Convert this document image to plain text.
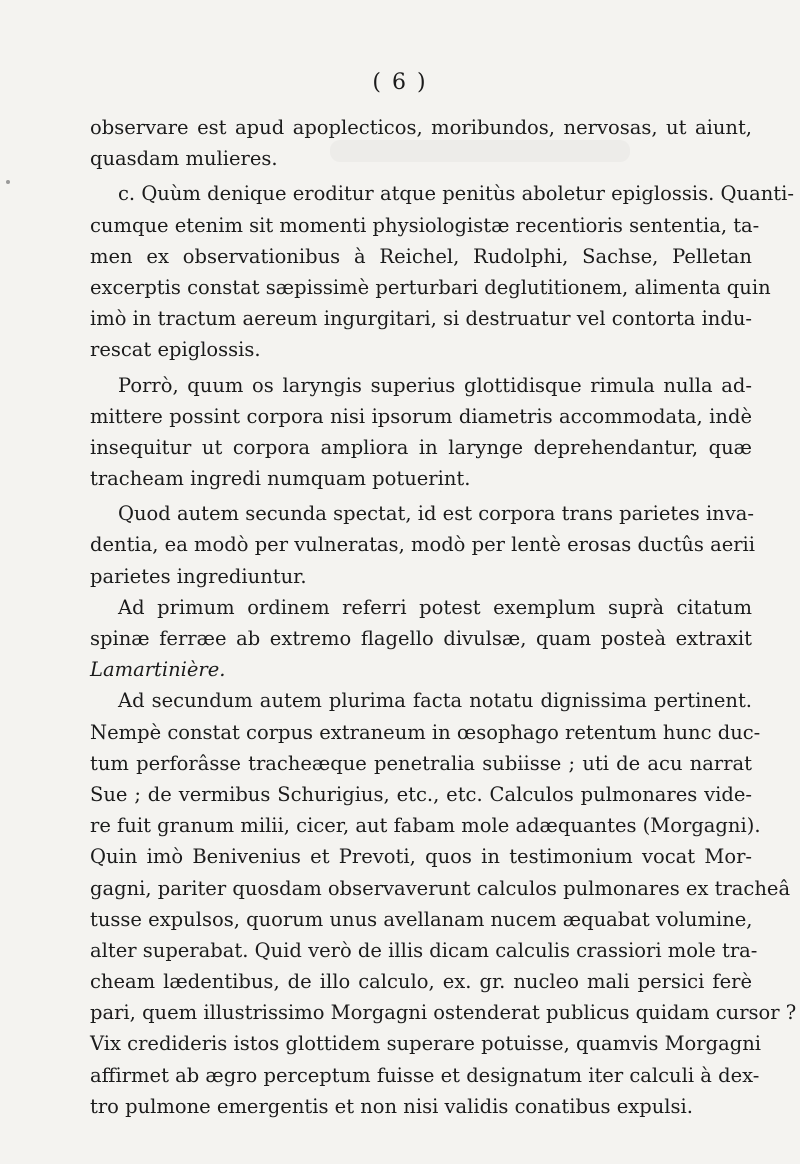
( 6 )
observare est apud apoplecticos, moribundos, nervosas, ut aiunt,
quasdam mulieres.
c. Quùm denique eroditur atque penitùs aboletur epiglossis. Quanti-
cumque etenim sit momenti physiologistæ recentioris sententia, ta-
men ex observationibus à Reichel, Rudolphi, Sachse, Pelletan
excerptis constat sæpissimè perturbari deglutitionem, alimenta quin
imò in tractum aereum ingurgitari, si destruatur vel contorta indu-
rescat epiglossis.
Porrò, quum os laryngis superius glottidisque rimula nulla ad-
mittere possint corpora nisi ipsorum diametris accommodata, indè
insequitur ut corpora ampliora in larynge deprehendantur, quæ
tracheam ingredi numquam potuerint.
Quod autem secunda spectat, id est corpora trans parietes inva-
dentia, ea modò per vulneratas, modò per lentè erosas ductûs aerii
parietes ingrediuntur.
Ad primum ordinem referri potest exemplum suprà citatum
spinæ ferræe ab extremo flagello divulsæ, quam posteà extraxit
Lamartinière.
Ad secundum autem plurima facta notatu dignissima pertinent.
Nempè constat corpus extraneum in œsophago retentum hunc duc-
tum perforâsse tracheæque penetralia subiisse ; uti de acu narrat
Sue ; de vermibus Schurigius, etc., etc. Calculos pulmonares vide-
re fuit granum milii, cicer, aut fabam mole adæquantes (Morgagni).
Quin imò Benivenius et Prevoti, quos in testimonium vocat Mor-
gagni, pariter quosdam observaverunt calculos pulmonares ex tracheâ
tusse expulsos, quorum unus avellanam nucem æquabat volumine,
alter superabat. Quid verò de illis dicam calculis crassiori mole tra-
cheam lædentibus, de illo calculo, ex. gr. nucleo mali persici ferè
pari, quem illustrissimo Morgagni ostenderat publicus quidam cursor ?
Vix credideris istos glottidem superare potuisse, quamvis Morgagni
affirmet ab ægro perceptum fuisse et designatum iter calculi à dex-
tro pulmone emergentis et non nisi validis conatibus expulsi.
